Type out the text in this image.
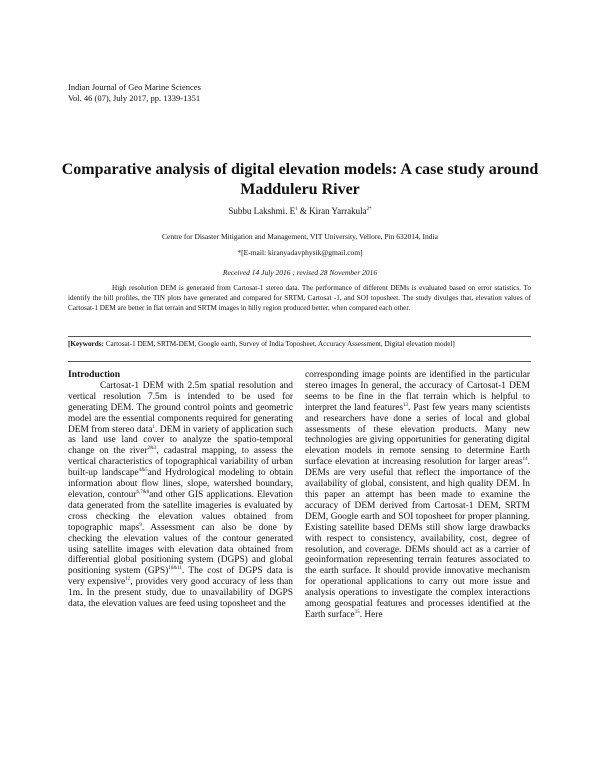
Indian Journal of Geo Marine Sciences
Vol. 46 (07), July 2017, pp. 1339-1351
Comparative analysis of digital elevation models: A case study around Madduleru River
Subbu Lakshmi. $E^1$ & Kiran Yarrakula$^{2*}$
Centre for Disaster Mitigation and Management, VIT University, Vellore, Pin 632014, India
*[E-mail: kiranyadavphysik@gmail.com]
Received 14 July 2016 ; revised 28 November 2016
High resolution DEM is generated from Cartosat-1 stereo data. The performance of different DEMs is evaluated based on error statistics. To identify the hill profiles, the TIN plots have generated and compared for SRTM, Cartosat -1, and SOI toposheet. The study divulges that, elevation values of Cartosat-1 DEM are better in flat terrain and SRTM images in hilly region produced better, when compared each other.
[Keywords: Cartosat-1 DEM, SRTM-DEM, Google earth, Survey of India Toposheet, Accuracy Assessment, Digital elevation model]

Introduction

Cartosat-1 DEM with 2.5m spatial resolution and vertical resolution 7.5m is intended to be used for generating DEM. The ground control points and geometric model are the essential components required for generating DEM from stereo data$^1$. DEM in variety of application such as land use land cover to analyze the spatio-temporal change on the river$^{2\&3}$, cadastral mapping, to assess the vertical characteristics of topographical variability of urban built-up landscape$^{4\&5}$and Hydrological modeling to obtain information about flow lines, slope, watershed boundary, elevation, contour$^{6,7\&8}$and other GIS applications. Elevation data generated from the satellite imageries is evaluated by cross checking the elevation values obtained from topographic maps$^9$. Assessment can also be done by checking the elevation values of the contour generated using satellite images with elevation data obtained from differential global positioning system (DGPS) and global positioning system (GPS)$^{10\&11}$. The cost of DGPS data is very expensive$^{12}$, provides very good accuracy of less than 1m. In the present study, due to unavailability of DGPS data, the elevation values are feed using toposheet and the

corresponding image points are identified in the particular stereo images In general, the accuracy of Cartosat-1 DEM seems to be fine in the flat terrain which is helpful to interpret the land features$^{13}$. Past few years many scientists and researchers have done a series of local and global assessments of these elevation products. Many new technologies are giving opportunities for generating digital elevation models in remote sensing to determine Earth surface elevation at increasing resolution for larger areas$^{14}$. DEMs are very useful that reflect the importance of the availability of global, consistent, and high quality DEM. In this paper an attempt has been made to examine the accuracy of DEM derived from Cartosat-1 DEM, SRTM DEM, Google earth and SOI toposheet for proper planning. Existing satellite based DEMs still show large drawbacks with respect to consistency, availability, cost, degree of resolution, and coverage. DEMs should act as a carrier of geoinformation representing terrain features associated to the earth surface. It should provide innovative mechanism for operational applications to carry out more issue and analysis operations to investigate the complex interactions among geospatial features and processes identified at the Earth surface$^{15}$. Here
